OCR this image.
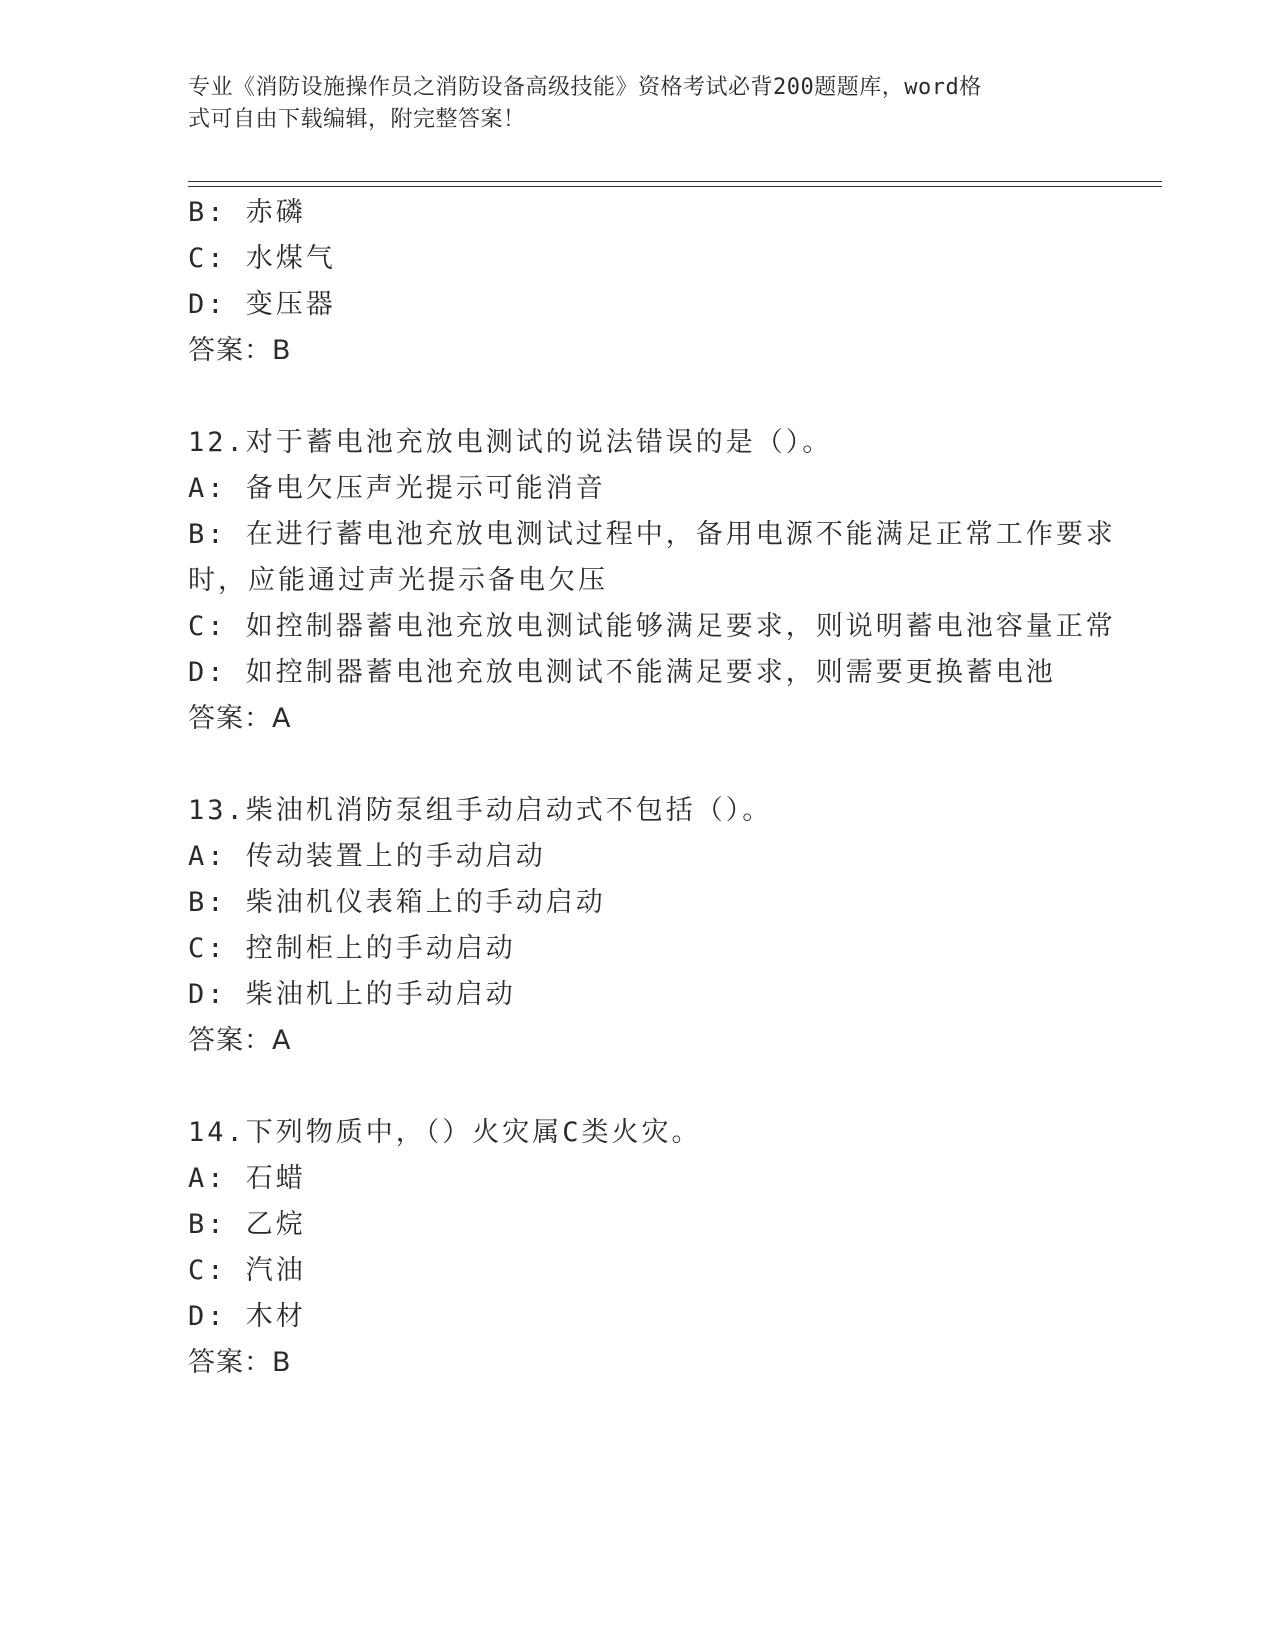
专业《消防设施操作员之消防设备高级技能》资格考试必背200题题库，word格
式可自由下载编辑，附完整答案！
B: 赤磷
C: 水煤气
D: 变压器
答案：B
12.对于蓄电池充放电测试的说法错误的是（）。
A: 备电欠压声光提示可能消音
B: 在进行蓄电池充放电测试过程中，备用电源不能满足正常工作要求
时，应能通过声光提示备电欠压
C: 如控制器蓄电池充放电测试能够满足要求，则说明蓄电池容量正常
D: 如控制器蓄电池充放电测试不能满足要求，则需要更换蓄电池
答案：A
13.柴油机消防泵组手动启动式不包括（）。
A: 传动装置上的手动启动
B: 柴油机仪表箱上的手动启动
C: 控制柜上的手动启动
D: 柴油机上的手动启动
答案：A
14.下列物质中，（）火灾属C类火灾。
A: 石蜡
B: 乙烷
C: 汽油
D: 木材
答案：B
